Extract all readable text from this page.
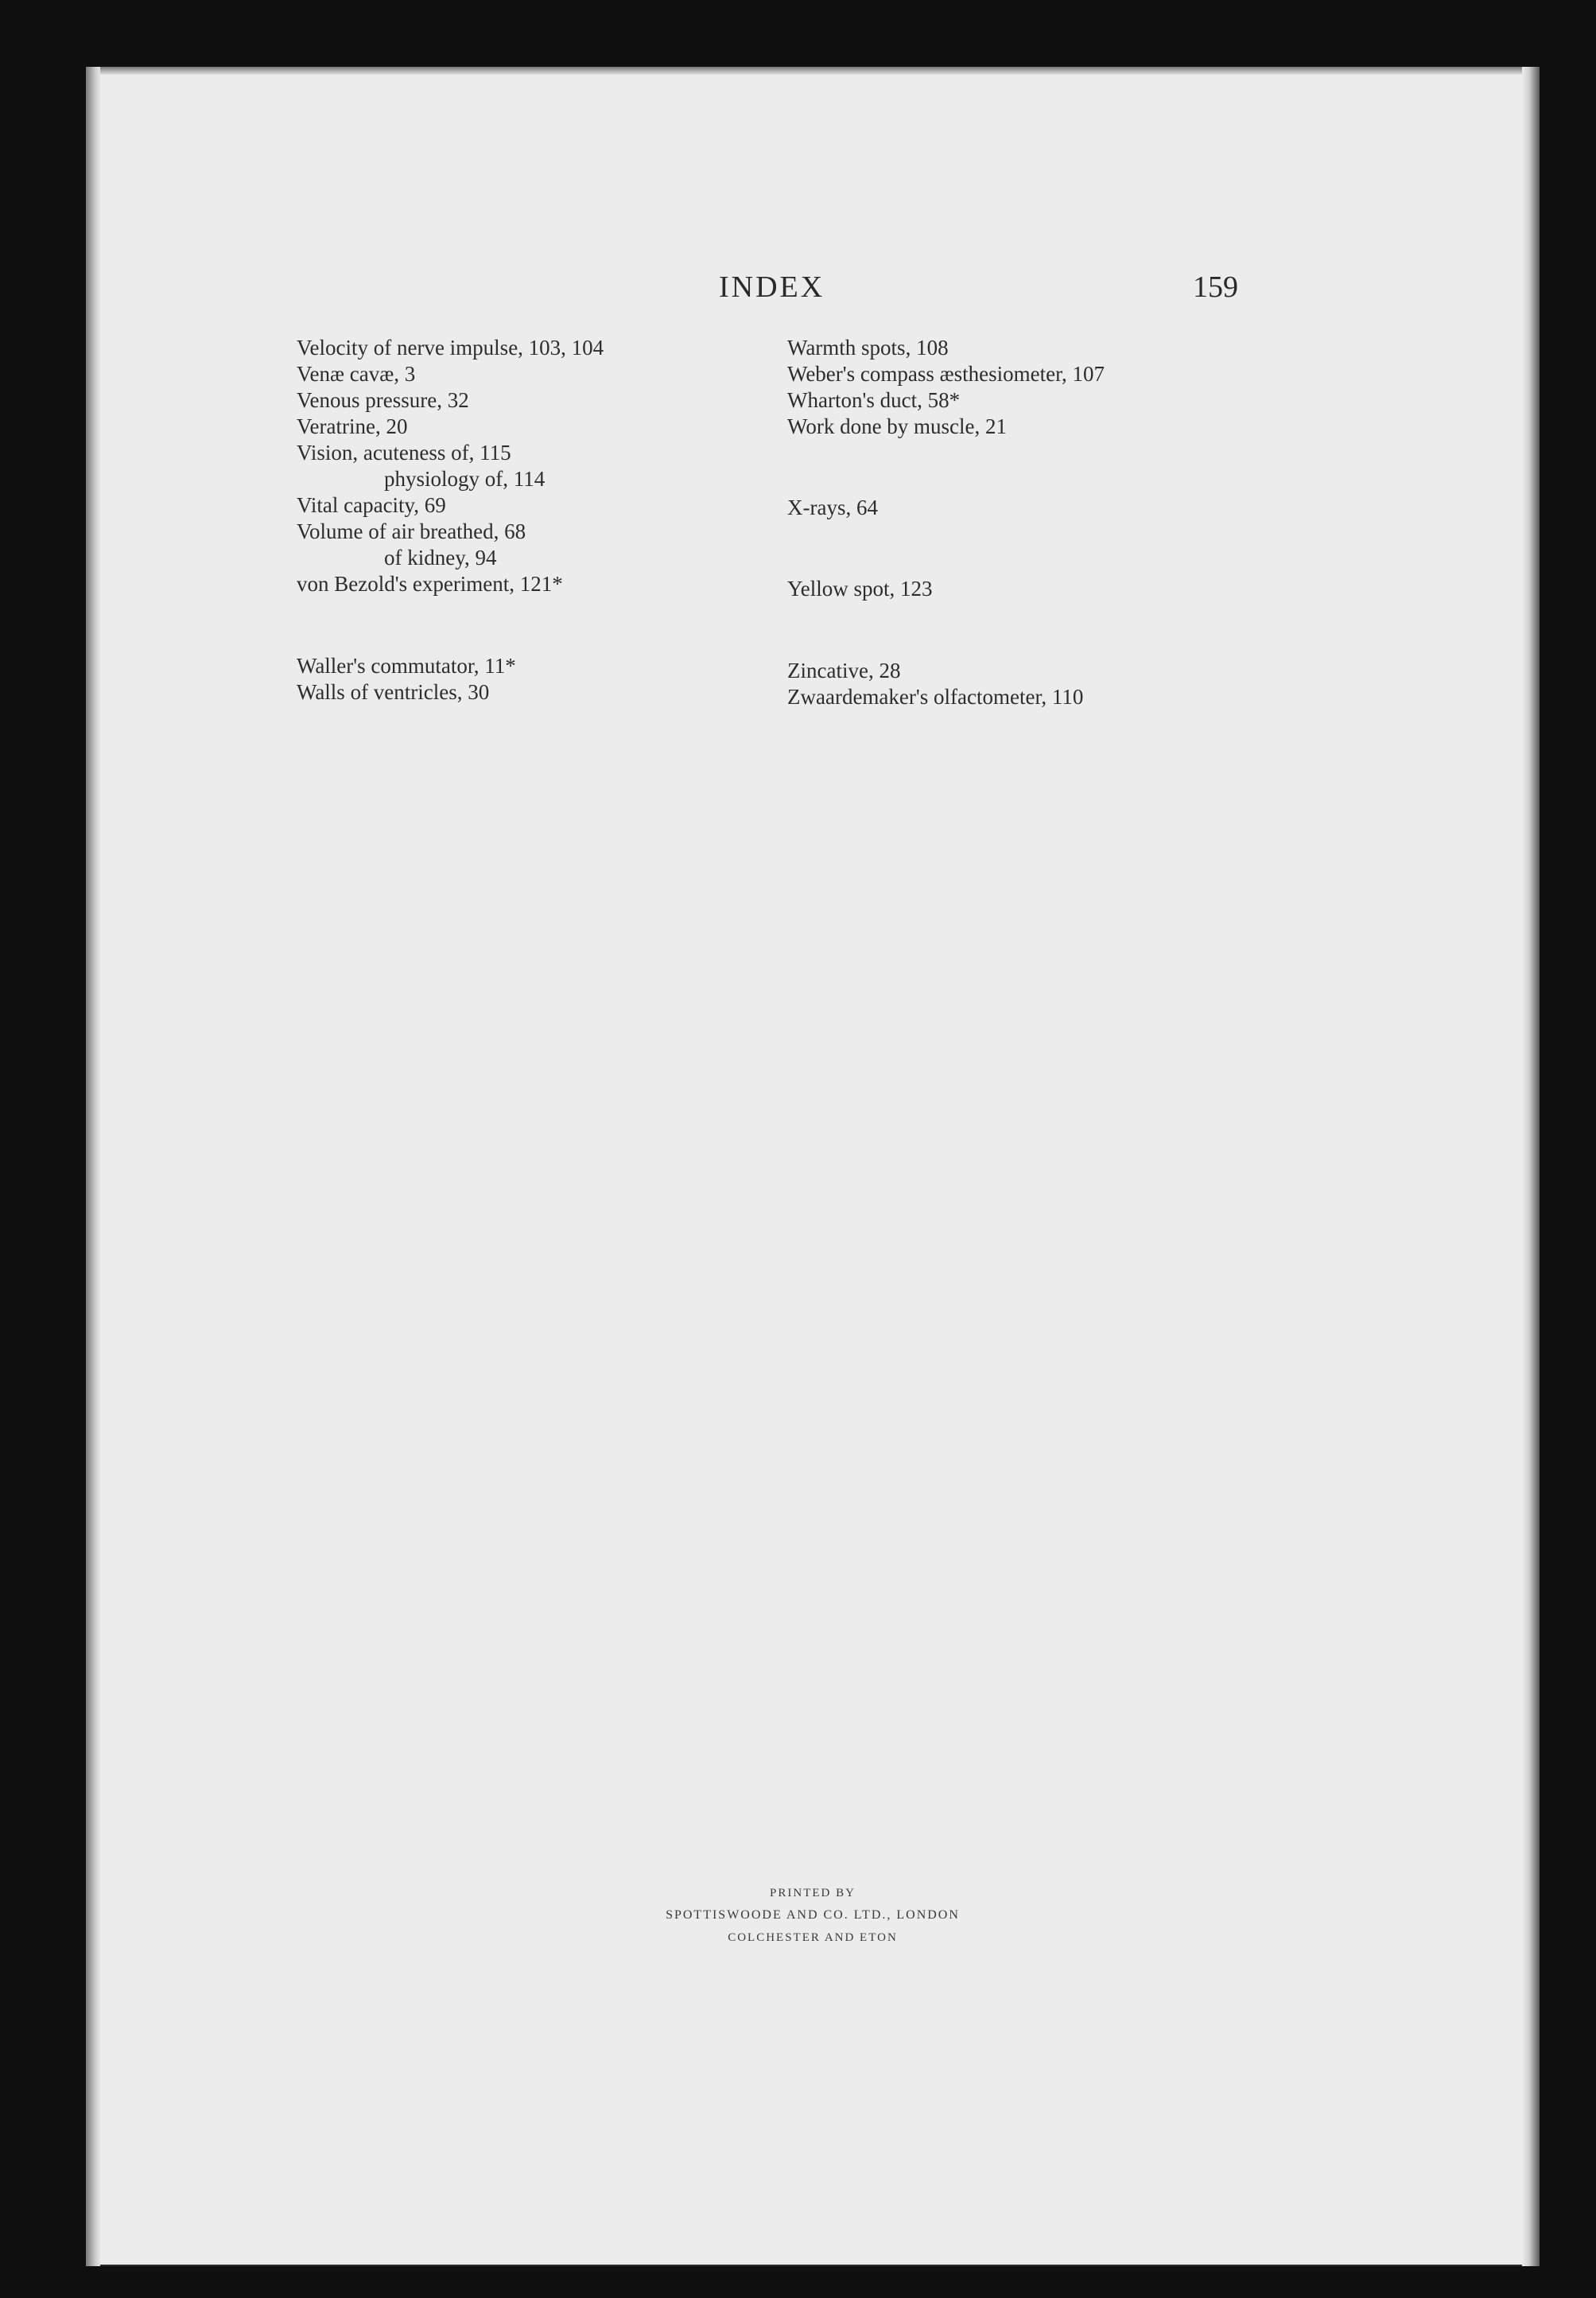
INDEX	159
Velocity of nerve impulse, 103, 104
Venæ cavæ, 3
Venous pressure, 32
Veratrine, 20
Vision, acuteness of, 115
physiology of, 114
Vital capacity, 69
Volume of air breathed, 68
of kidney, 94
von Bezold's experiment, 121*
Waller's commutator, 11*
Walls of ventricles, 30
Warmth spots, 108
Weber's compass æsthesiometer, 107
Wharton's duct, 58*
Work done by muscle, 21
X-rays, 64
Yellow spot, 123
Zincative, 28
Zwaardemaker's olfactometer, 110
PRINTED BY
SPOTTISWOODE AND CO. LTD., LONDON
COLCHESTER AND ETON
